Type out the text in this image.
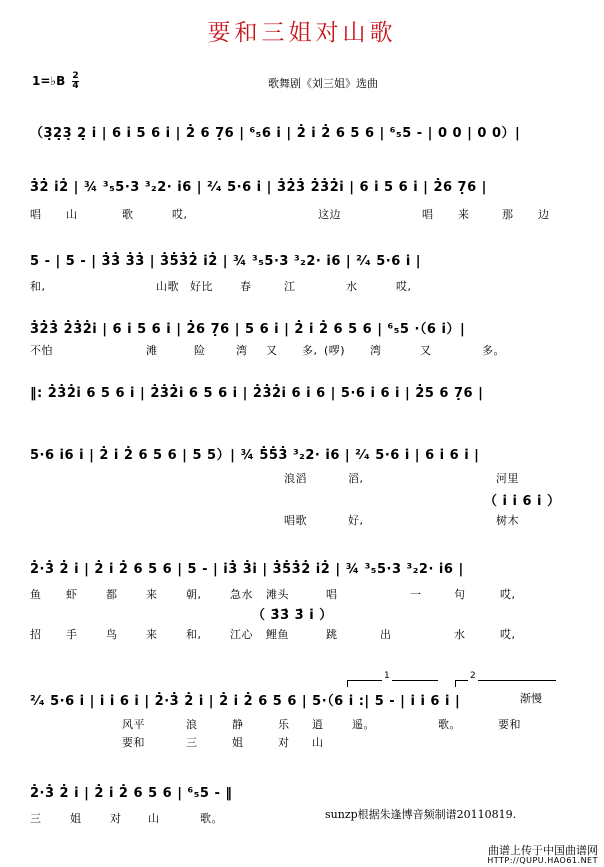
要和三姐对山歌
1=♭B $\frac{2}{4}$	歌舞剧《刘三姐》选曲
（3̣2̣3̣ 2̣ i̇ | 6 i̇ 5 6 i̇ | 2̇ 6 7̣6 | ⁶₅6 i̇ | 2̇ i̇ 2̇ 6 5 6 | ⁶₅5 - | 0 0 | 0 0）|
3̇2̇ i̇2̇ | ¾ ³₅5·3 ³₂2· i̇6 | ²⁄₄ 5·6 i̇ | 3̇2̇3̇ 2̇3̇2̇i̇ | 6 i̇ 5 6 i̇ | 2̇6 7̣6 |
唱 山	歌	哎,	这边	唱 来	那 边
5 - | 5 - | 3̇3̇ 3̇3̇ | 3̇5̇3̇2̇ i̇2̇ | ¾ ³₅5·3 ³₂2· i̇6 | ²⁄₄ 5·6 i̇ |
和,	山歌 好比 春	江	水	哎,
3̇2̇3̇ 2̇3̇2̇i̇ | 6 i̇ 5 6 i̇ | 2̇6 7̣6 | 5 6 i̇ | 2̇ i̇ 2̇ 6 5 6 | ⁶₅5 ·（6 i̇）|
不怕	滩	险	湾 又 多, (啰) 湾	又	多。
‖: 2̇3̇2̇i̇ 6 5 6 i̇ | 2̇3̇2̇i̇ 6 5 6 i̇ | 2̇3̇2̇i̇ 6 i̇ 6 | 5·6 i̇ 6 i̇ | 2̇5 6 7̣6 |
5·6 i̇6 i̇ | 2̇ i̇ 2̇ 6 5 6 | 5 5）| ¾ 5̇5̇3̇ ³₂2· i̇6 | ²⁄₄ 5·6 i̇ | 6 i̇ 6 i̇ |
浪滔	滔,	河里
（ i̇ i̇ 6 i̇ ）
唱歌	好,	树木
2̇·3̇ 2̇ i̇ | 2̇ i̇ 2̇ 6 5 6 | 5 - | i̇3̇ 3̇i̇ | 3̇5̇3̇2̇ i̇2̇ | ¾ ³₅5·3 ³₂2· i̇6 |
鱼 虾	都	来	朝,	急水 滩头	唱	一	句	哎,
（ 3̇3̇ 3̇ i̇ ）
招 手	鸟	来	和,	江心 鲤鱼	跳	出	水	哎,
1	2
渐慢
²⁄₄ 5·6 i̇ | i̇ i̇ 6 i̇ | 2̇·3̇ 2̇ i̇ | 2̇ i̇ 2̇ 6 5 6 | 5·（6 i̇ :| 5 - | i̇ i̇ 6 i̇ |
风平	浪	静	乐 逍	遥。	歌。	要和
要和	三	姐	对 山
2̇·3̇ 2̇ i̇ | 2̇ i̇ 2̇ 6 5 6 | ⁶₅5 - ‖
三	姐	对 山	歌。	sunzp根据朱逢博音频制谱20110819.
曲谱上传于中国曲谱网
HTTP://QUPU.HAO61.NET
